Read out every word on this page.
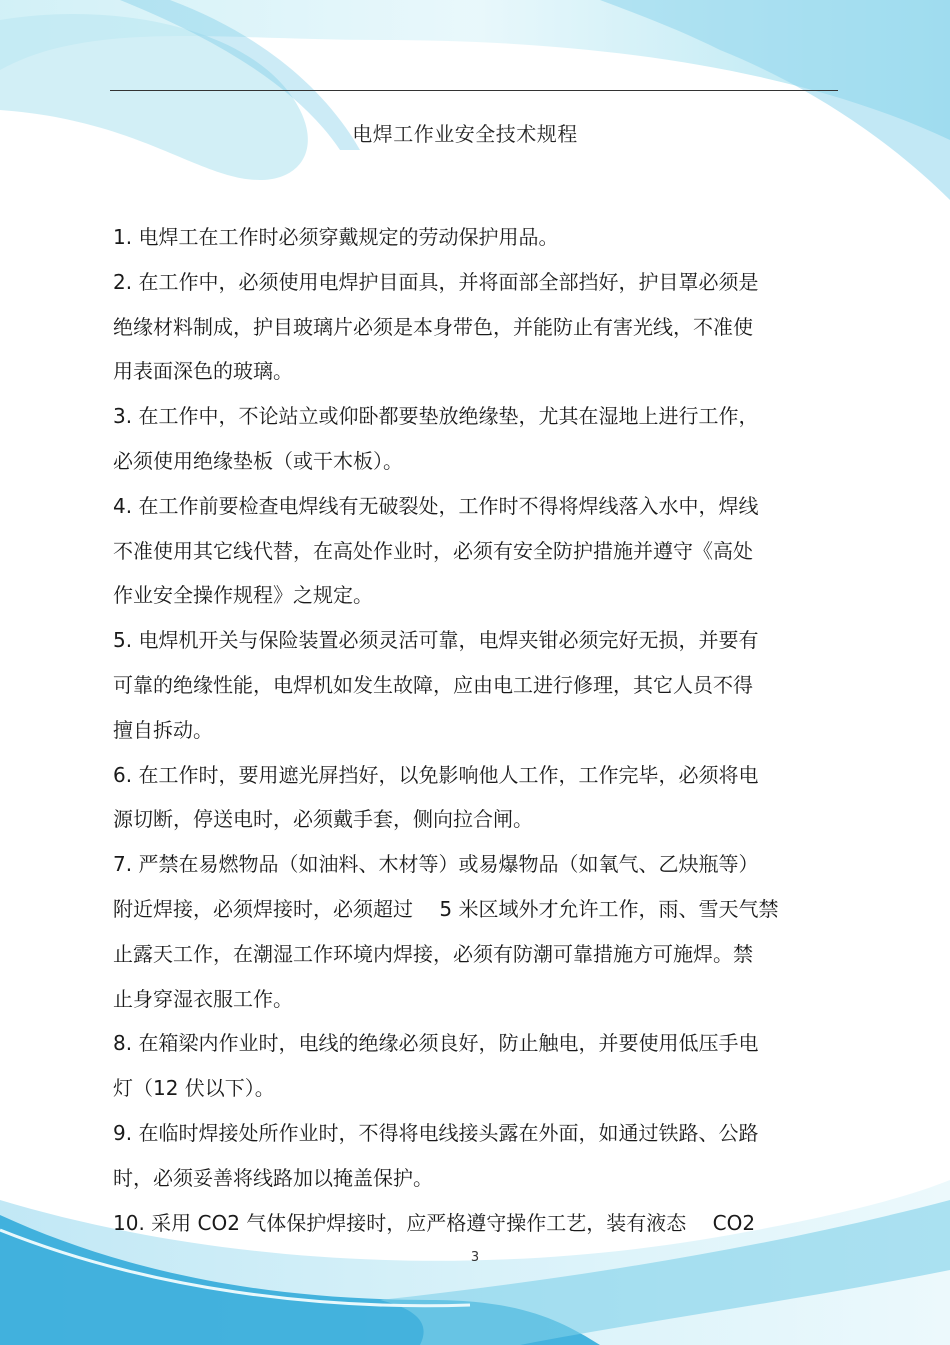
电焊工作业安全技术规程
1. 电焊工在工作时必须穿戴规定的劳动保护用品。
2. 在工作中，必须使用电焊护目面具，并将面部全部挡好，护目罩必须是
绝缘材料制成，护目玻璃片必须是本身带色，并能防止有害光线，不准使
用表面深色的玻璃。
3. 在工作中，不论站立或仰卧都要垫放绝缘垫，尤其在湿地上进行工作，
必须使用绝缘垫板（或干木板）。
4. 在工作前要检查电焊线有无破裂处，工作时不得将焊线落入水中，焊线
不准使用其它线代替，在高处作业时，必须有安全防护措施并遵守《高处
作业安全操作规程》之规定。
5. 电焊机开关与保险装置必须灵活可靠，电焊夹钳必须完好无损，并要有
可靠的绝缘性能，电焊机如发生故障，应由电工进行修理，其它人员不得
擅自拆动。
6. 在工作时，要用遮光屏挡好，以免影响他人工作，工作完毕，必须将电
源切断，停送电时，必须戴手套，侧向拉合闸。
7. 严禁在易燃物品（如油料、木材等）或易爆物品（如氧气、乙炔瓶等）
附近焊接，必须焊接时，必须超过　 5 米区域外才允许工作，雨、雪天气禁
止露天工作，在潮湿工作环境内焊接，必须有防潮可靠措施方可施焊。禁
止身穿湿衣服工作。
8. 在箱梁内作业时，电线的绝缘必须良好，防止触电，并要使用低压手电
灯（12 伏以下）。
9. 在临时焊接处所作业时，不得将电线接头露在外面，如通过铁路、公路
时，必须妥善将线路加以掩盖保护。
10. 采用 CO2 气体保护焊接时，应严格遵守操作工艺，装有液态　 CO2
3
